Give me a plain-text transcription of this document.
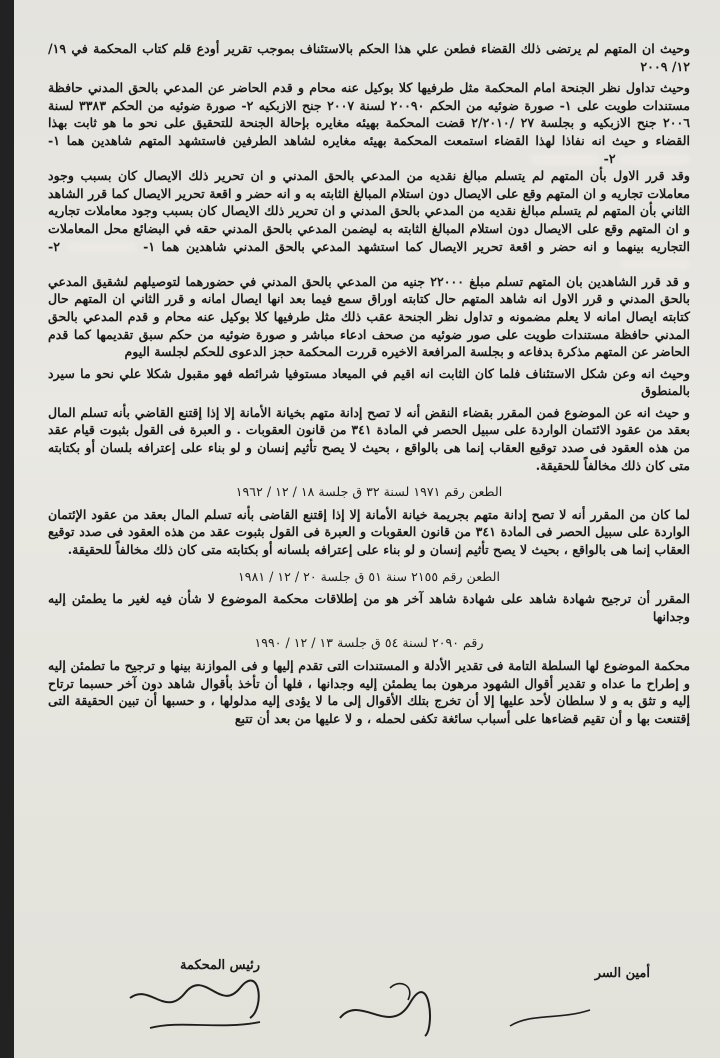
وحيث ان المتهم لم يرتضى ذلك القضاء فطعن علي هذا الحكم بالاستئناف بموجب تقرير أودع قلم كتاب المحكمة في ١٩/ ١٢/ ٢٠٠٩

وحيث تداول نظر الجنحة امام المحكمة مثل طرفيها كلا بوكيل عنه محام و قدم الحاضر عن المدعي بالحق المدني حافظة مستندات طويت على ١- صورة ضوئيه من الحكم ٢٠٠٩٠ لسنة ٢٠٠٧ جنح الازبكيه ٢- صورة ضوئيه من الحكم ٣٣٨٣ لسنة ٢٠٠٦ جنح الازبكيه و بجلسة ٢٧ /٢/٢٠١٠ قضت المحكمة بهيئه مغايره بإحالة الجنحة للتحقيق على نحو ما هو ثابت بهذا القضاء و حيث انه نفاذا لهذا القضاء استمعت المحكمة بهيئه مغايره لشاهد الطرفين فاستشهد المتهم شاهدين هما ١-  ٢-

وقد قرر الاول بأن المتهم لم يتسلم مبالغ نقديه من المدعي بالحق المدني و ان تحرير ذلك الايصال كان بسبب وجود معاملات تجاريه و ان المتهم وقع على الايصال دون استلام المبالغ الثابته به و انه حضر و اقعة تحرير الايصال كما قرر الشاهد الثاني بأن المتهم لم يتسلم مبالغ نقديه من المدعي بالحق المدني و ان تحرير ذلك الايصال كان بسبب وجود معاملات تجاريه و ان المتهم وقع على الايصال دون استلام المبالغ الثابته به ليضمن المدعي بالحق المدني حقه في البضائع محل المعاملات التجاريه بينهما و انه حضر و اقعة تحرير الايصال كما استشهد المدعي بالحق المدني شاهدين هما ١-  ٢-

و قد قرر الشاهدين بان المتهم تسلم مبلغ ٢٢٠٠٠ جنيه من المدعي بالحق المدني في حضورهما لتوصيلهم لشقيق المدعي بالحق المدني و قرر الاول انه شاهد المتهم حال كتابته اوراق سمع فيما بعد انها ايصال امانه و قرر الثاني ان المتهم حال كتابته ايصال امانه لا يعلم مضمونه و تداول نظر الجنحة عقب ذلك مثل طرفيها كلا بوكيل عنه محام و قدم المدعي بالحق المدني حافظة مستندات طويت على صور ضوئيه من صحف ادعاء مباشر و صورة ضوئيه من حكم سبق تقديمها كما قدم الحاضر عن المتهم مذكرة بدفاعه و بجلسة المرافعة الاخيره قررت المحكمة حجز الدعوى للحكم لجلسة اليوم

وحيث انه وعن شكل الاستئناف فلما كان الثابت انه اقيم في الميعاد مستوفيا شرائطه فهو مقبول شكلا علي نحو ما سيرد بالمنطوق

و حيث انه عن الموضوع فمن المقرر بقضاء النقض أنه لا تصح إدانة متهم بخيانة الأمانة إلا إذا إقتنع القاضي بأنه تسلم المال بعقد من عقود الائتمان الواردة على سبيل الحصر في المادة ٣٤١ من قانون العقوبات . و العبرة فى القول بثبوت قيام عقد من هذه العقود فى صدد توقيع العقاب إنما هى بالواقع ، بحيث لا يصح تأثيم إنسان و لو بناء على إعترافه بلسان أو بكتابته متى كان ذلك مخالفاً للحقيقة.

الطعن رقم ١٩٧١ لسنة ٣٢ ق جلسة ١٨ / ١٢ / ١٩٦٢

لما كان من المقرر أنه لا تصح إدانة متهم بجريمة خيانة الأمانة إلا إذا إقتنع القاضى بأنه تسلم المال بعقد من عقود الإئتمان الواردة على سبيل الحصر فى المادة ٣٤١ من قانون العقوبات و العبرة فى القول بثبوت عقد من هذه العقود فى صدد توقيع العقاب إنما هى بالواقع ، بحيث لا يصح تأثيم إنسان و لو بناء على إعترافه بلسانه أو بكتابته متى كان ذلك مخالفاً للحقيقة.

الطعن رقم ٢١٥٥ سنة ٥١ ق جلسة ٢٠ / ١٢ / ١٩٨١

المقرر أن ترجيح شهادة شاهد على شهادة شاهد آخر هو من إطلاقات محكمة الموضوع لا شأن فيه لغير ما يطمئن إليه وجدانها

رقم ٢٠٩٠ لسنة ٥٤ ق جلسة ١٣ / ١٢ / ١٩٩٠

محكمة الموضوع لها السلطة التامة فى تقدير الأدلة و المستندات التى تقدم إليها و فى الموازنة بينها و ترجيح ما تطمئن إليه و إطراح ما عداه و تقدير أقوال الشهود مرهون بما يطمئن إليه وجدانها ، فلها أن تأخذ بأقوال شاهد دون آخر حسبما ترتاح إليه و تثق به و لا سلطان لأحد عليها إلا أن تخرج بتلك الأقوال إلى ما لا يؤدى إليه مدلولها ، و حسبها أن تبين الحقيقة التى إقتنعت بها و أن تقيم قضاءها على أسباب سائغة تكفى لحمله ، و لا عليها من بعد أن تتبع

رئيس المحكمة
أمين السر
